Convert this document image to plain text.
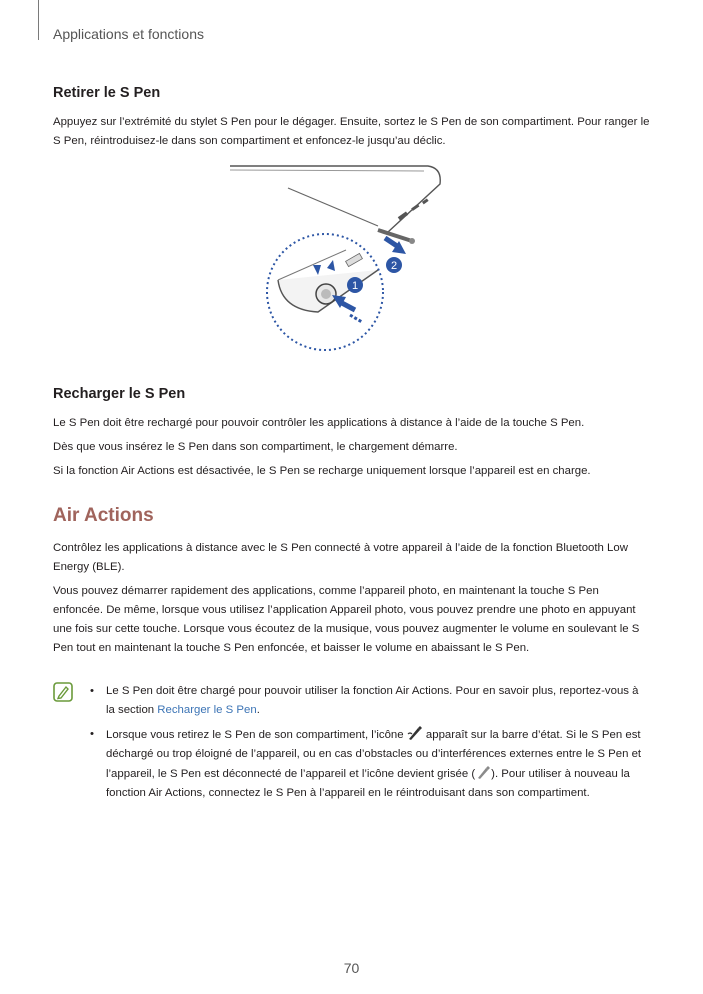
Applications et fonctions
Retirer le S Pen

Appuyez sur l’extrémité du stylet S Pen pour le dégager. Ensuite, sortez le S Pen de son compartiment. Pour ranger le S Pen, réintroduisez-le dans son compartiment et enfoncez-le jusqu’au déclic.

1
2
Recharger le S Pen

Le S Pen doit être rechargé pour pouvoir contrôler les applications à distance à l’aide de la touche S Pen.

Dès que vous insérez le S Pen dans son compartiment, le chargement démarre.

Si la fonction Air Actions est désactivée, le S Pen se recharge uniquement lorsque l’appareil est en charge.

Air Actions

Contrôlez les applications à distance avec le S Pen connecté à votre appareil à l’aide de la fonction Bluetooth Low Energy (BLE).

Vous pouvez démarrer rapidement des applications, comme l’appareil photo, en maintenant la touche S Pen enfoncée. De même, lorsque vous utilisez l’application Appareil photo, vous pouvez prendre une photo en appuyant une fois sur cette touche. Lorsque vous écoutez de la musique, vous pouvez augmenter le volume en soulevant le S Pen tout en maintenant la touche S Pen enfoncée, et baisser le volume en abaissant le S Pen.

• Le S Pen doit être chargé pour pouvoir utiliser la fonction Air Actions. Pour en savoir plus, reportez-vous à la section Recharger le S Pen.
• Lorsque vous retirez le S Pen de son compartiment, l’icône apparaît sur la barre d’état. Si le S Pen est déchargé ou trop éloigné de l’appareil, ou en cas d’obstacles ou d’interférences externes entre le S Pen et l’appareil, le S Pen est déconnecté de l’appareil et l’icône devient grisée ( ). Pour utiliser à nouveau la fonction Air Actions, connectez le S Pen à l’appareil en le réintroduisant dans son compartiment.
70
